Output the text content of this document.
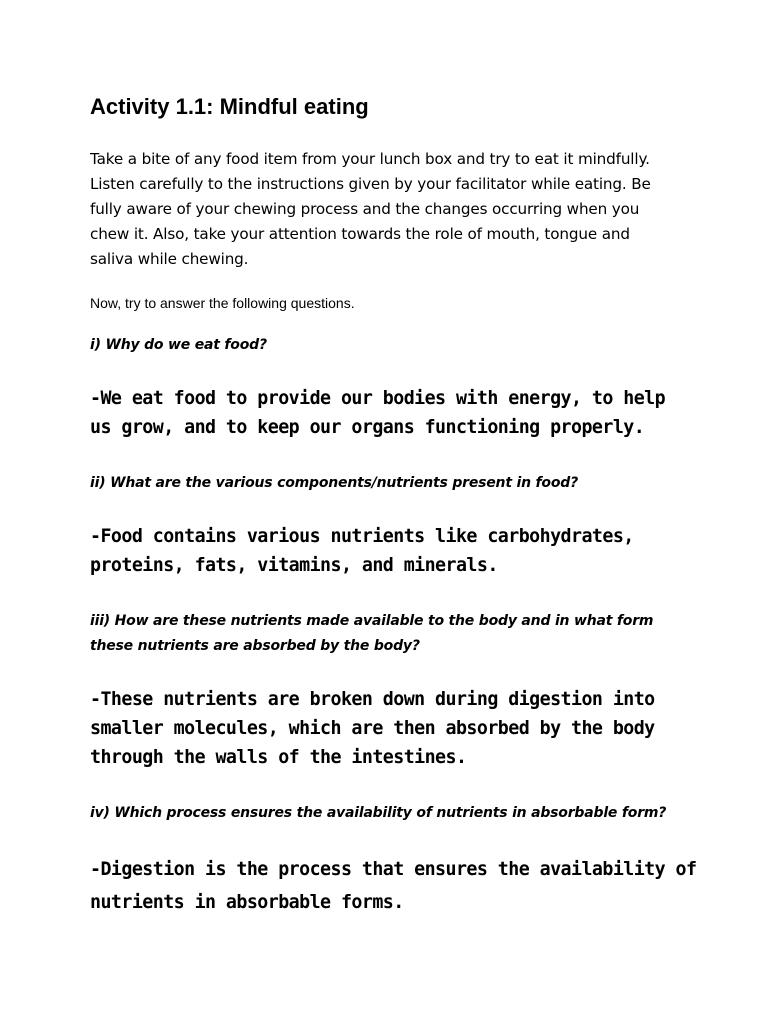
Activity 1.1: Mindful eating

Take a bite of any food item from your lunch box and try to eat it mindfully.
Listen carefully to the instructions given by your facilitator while eating. Be
fully aware of your chewing process and the changes occurring when you
chew it. Also, take your attention towards the role of mouth, tongue and
saliva while chewing.

Now, try to answer the following questions.

i) Why do we eat food?

-We eat food to provide our bodies with energy, to help
us grow, and to keep our organs functioning properly.

ii) What are the various components/nutrients present in food?

-Food contains various nutrients like carbohydrates,
proteins, fats, vitamins, and minerals.

iii) How are these nutrients made available to the body and in what form
these nutrients are absorbed by the body?

-These nutrients are broken down during digestion into
smaller molecules, which are then absorbed by the body
through the walls of the intestines.

iv) Which process ensures the availability of nutrients in absorbable form?

-Digestion is the process that ensures the availability of
nutrients in absorbable forms.
